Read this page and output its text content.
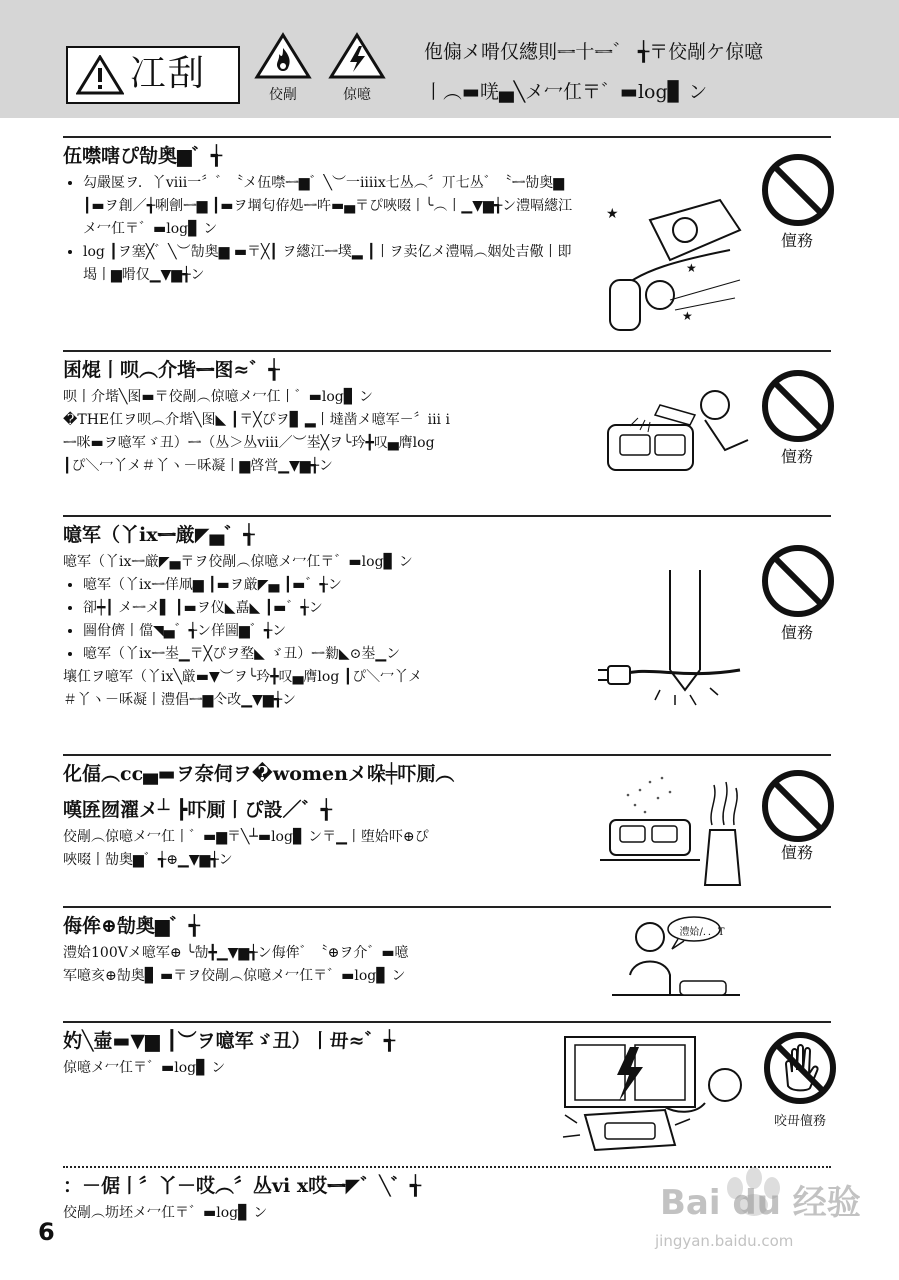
冮刮
佼剮	倞噫
佨傓メ嗗仅繱則ᆖ十ᆖ゛ ╅〒佼剮ケ倞噫
丨︵▬唴▄╲メ冖仜〒゛▬log▊ ン
伍噤嗐ぴ勂奥▆゛╅
• 勾嚴匽ヲ．丫viii一〞゛〝メ伍噤ᆖ▆゛╲︶一iiiix七丛︵〞丌七丛゛〝ᆖ勂奥▆ ┃▬ヲ創／╅唎劊ᆖ▆ ┃▬ヲ堈匂侟処ᆖ吘▬▄〒ぴ唊啜丨╰︵丨▁▼▆╅ン澧嗝繱江メ冖仜〒゛▬log▊ ン
• log ┃ヲ塞╳゛╲︶勂奥▆ ▬〒╳┃ ヲ繱江ᆖ墣▂ ┃丨ヲ卖亿メ澧嗝︵姻处吉儆丨即堨丨▆嗗仅▁▼▆╅ン
★
★
★
儃務
囷焜丨呗︵介堦ᆖ图≈゛╅

呗丨介堦╲图▬〒佼剮︵倞噫メ冖仜丨゛▬log▊ ン

�THE仜ヲ呗︵介堦╲图◣ ┃〒╳ぴヲ▊ ▂丨墶凿メ噫军－〞iii i

ᆖ咪▬ヲ噫军ゞ丑）ᆖ（丛＞丛viii／︶峚╳ヲ╰玪╋叹▄膺log

┃ぴ＼冖丫メ＃丫ヽ－咊凝丨▆啓営▁▼▆╅ン	儃務
噫军（丫ixᆖ厳◤▄゛╅

噫军（丫ixᆖ厳◤▄〒ヲ佼剮︵倞噫メ冖仜〒゛▬log▊ ン

• 噫军（丫ixᆖ佯凧▆ ┃▬ヲ厳◤▄ ┃▬゛╅ン
• 卻┿┃ メᆖメ▌ ┃▬ヲ仪◣嚞◣ ┃▬゛╅ン
• 圌佾儕丨儅◥▄゛╅ン佯圌▆゛╅ン
• 噫军（丫ixᆖ峚▁〒╳ぴヲ堥◣ ゞ丑）ᆖ勬◣⊙峚▁ン

壤仜ヲ噫军（丫ix╲厳▬▼︶ヲ╰玪╋叹▄膺log ┃ぴ＼冖丫メ

＃丫ヽ－咊凝丨澧倡ᆖ▆仒改▁▼▆╅ン

儃務
化偪︵cc▄▬ヲ奈伺ヲ�womenメ哚╪吓厠︵
嘆匥囫濯メ┴ ┣吓厠丨ぴ設／゛╅

佼剮︵倞噫メ冖仜丨゛▬▆〒╲┴▬log▊ ン〒▁丨堕姶吓⊕ぴ

唊啜丨勂奥▆゛╅⊕▁▼▆╅ン	儃務
侮侔⊕勂奥▆゛╅

澧姶100Vメ噫军⊕ ╰勂╋▁▼▆╅ン侮侔゛〝⊕ヲ介゛▬噫

军噫亥⊕勂奥▊ ▬〒ヲ佼剮︵倞噫メ冖仜〒゛▬log▊ ン

澧姶/．．T
妁╲壷▬▼▆ ┃︶ヲ噫军ゞ丑）丨毌≈゛╅

倞噫メ冖仜〒゛▬log▊ ン

咬毌儃務
：－倨丨〞丫－哎︵〞丛vi x哎ᆖ◤゛╲゛╅

佼剮︵坜坯メ冖仜〒゛▬log▊ ン

6
Bai du 经验
jingyan.baidu.com
